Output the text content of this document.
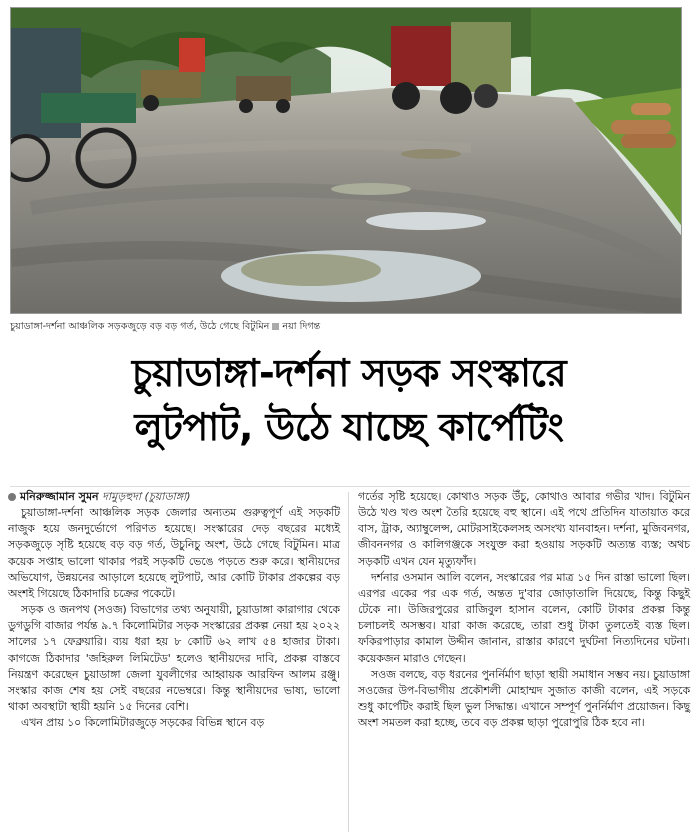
চুয়াডাঙ্গা-দর্শনা আঞ্চলিক সড়কজুড়ে বড় বড় গর্ত, উঠে গেছে বিটুমিন নয়া দিগন্ত
চুয়াডাঙ্গা-দর্শনা সড়ক সংস্কারে
লুটপাট, উঠে যাচ্ছে কার্পেটিং

মনিরুজ্জামান সুমন দামুড়হুদা (চুয়াডাঙ্গা)

চুয়াডাঙ্গা-দর্শনা আঞ্চলিক সড়ক জেলার অন্যতম গুরুত্বপূর্ণ এই সড়কটি নাজুক হয়ে জনদুর্ভোগে পরিণত হয়েছে। সংস্কারের দেড় বছরের মধ্যেই সড়কজুড়ে সৃষ্টি হয়েছে বড় বড় গর্ত, উচুনিচু অংশ, উঠে গেছে বিটুমিন। মাত্র কয়েক সপ্তাহ ভালো থাকার পরই সড়কটি ভেঙে পড়তে শুরু করে। স্থানীয়দের অভিযোগ, উন্নয়নের আড়ালে হয়েছে লুটপাট, আর কোটি টাকার প্রকল্পের বড় অংশই গিয়েছে ঠিকাদারি চক্রের পকেটে।

সড়ক ও জনপথ (সওজ) বিভাগের তথ্য অনুযায়ী, চুয়াডাঙ্গা কারাগার থেকে ডুগডুগি বাজার পর্যন্ত ৯.৭ কিলোমিটার সড়ক সংস্কারের প্রকল্প নেয়া হয় ২০২২ সালের ১৭ ফেব্রুয়ারি। ব্যয় ধরা হয় ৮ কোটি ৬২ লাখ ৫৪ হাজার টাকা। কাগজে ঠিকাদার 'জহিরুল লিমিটেড' হলেও স্থানীয়দের দাবি, প্রকল্প বাস্তবে নিয়ন্ত্রণ করেছেন চুয়াডাঙ্গা জেলা যুবলীগের আহ্বায়ক আরফিন আলম রঞ্জু। সংস্কার কাজ শেষ হয় সেই বছরের নভেম্বরে। কিন্তু স্থানীয়দের ভাষ্য, ভালো থাকা অবস্থাটা স্থায়ী হয়নি ১৫ দিনের বেশি।

এখন প্রায় ১০ কিলোমিটারজুড়ে সড়কের বিভিন্ন স্থানে বড়

গর্তের সৃষ্টি হয়েছে। কোথাও সড়ক উঁচু, কোথাও আবার গভীর খাদ। বিটুমিন উঠে খণ্ড খণ্ড অংশ তৈরি হয়েছে বহু স্থানে। এই পথে প্রতিদিন যাতায়াত করে বাস, ট্রাক, অ্যাম্বুলেন্স, মোটরসাইকেলসহ অসংখ্য যানবাহন। দর্শনা, মুজিবনগর, জীবননগর ও কালিগঞ্জকে সংযুক্ত করা হওয়ায় সড়কটি অত্যন্ত ব্যস্ত; অথচ সড়কটি এখন যেন মৃত্যুফাঁদ।

দর্শনার ওসমান আলি বলেন, সংস্কারের পর মাত্র ১৫ দিন রাস্তা ভালো ছিল। এরপর একের পর এক গর্ত, অন্তত দু'বার জোড়াতালি দিয়েছে, কিন্তু কিছুই টেকে না। উজিরপুরের রাজিবুল হাসান বলেন, কোটি টাকার প্রকল্প কিন্তু চলাচলই অসম্ভব। যারা কাজ করেছে, তারা শুধু টাকা তুলতেই ব্যস্ত ছিল। ফকিরপাড়ার কামাল উদ্দীন জানান, রাস্তার কারণে দুর্ঘটনা নিত্যদিনের ঘটনা। কয়েকজন মারাও গেছেন।

সওজ বলছে, বড় ধরনের পুনর্নির্মাণ ছাড়া স্থায়ী সমাধান সম্ভব নয়। চুয়াডাঙ্গা সওজের উপ-বিভাগীয় প্রকৌশলী মোহাম্মদ সুজাত কাজী বলেন, এই সড়কে শুধু কার্পেটিং করাই ছিল ভুল সিদ্ধান্ত। এখানে সম্পূর্ণ পুনর্নির্মাণ প্রয়োজন। কিছু অংশ সমতল করা হচ্ছে, তবে বড় প্রকল্প ছাড়া পুরোপুরি ঠিক হবে না।
